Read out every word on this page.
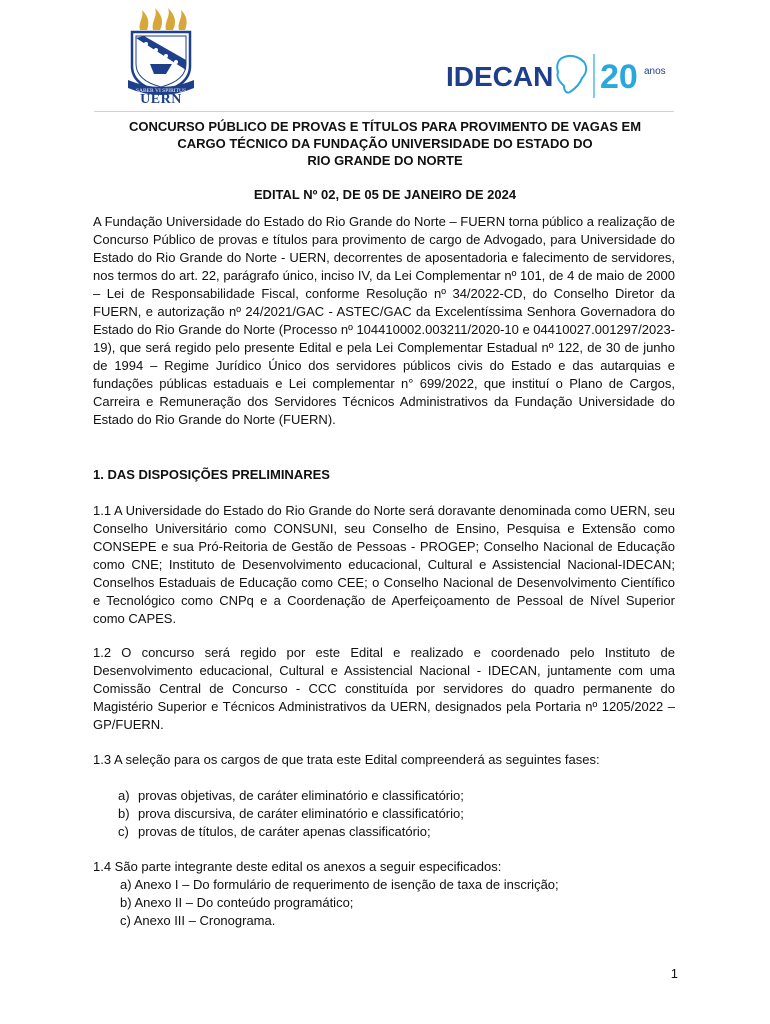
SABER VI SPIRITUS
UERN
IDECAN 20 anos
CONCURSO PÚBLICO DE PROVAS E TÍTULOS PARA PROVIMENTO DE VAGAS EM
CARGO TÉCNICO DA FUNDAÇÃO UNIVERSIDADE DO ESTADO DO
RIO GRANDE DO NORTE
EDITAL Nº 02, DE 05 DE JANEIRO DE 2024

A Fundação Universidade do Estado do Rio Grande do Norte – FUERN torna público a realização de Concurso Público de provas e títulos para provimento de cargo de Advogado, para Universidade do Estado do Rio Grande do Norte - UERN, decorrentes de aposentadoria e falecimento de servidores, nos termos do art. 22, parágrafo único, inciso IV, da Lei Complementar nº 101, de 4 de maio de 2000 – Lei de Responsabilidade Fiscal, conforme Resolução nº 34/2022-CD, do Conselho Diretor da FUERN, e autorização nº 24/2021/GAC - ASTEC/GAC da Excelentíssima Senhora Governadora do Estado do Rio Grande do Norte (Processo nº 104410002.003211/2020-10 e 04410027.001297/2023-19), que será regido pelo presente Edital e pela Lei Complementar Estadual nº 122, de 30 de junho de 1994 – Regime Jurídico Único dos servidores públicos civis do Estado e das autarquias e fundações públicas estaduais e Lei complementar n° 699/2022, que instituí o Plano de Cargos, Carreira e Remuneração dos Servidores Técnicos Administrativos da Fundação Universidade do Estado do Rio Grande do Norte (FUERN).

1. DAS DISPOSIÇÕES PRELIMINARES

1.1 A Universidade do Estado do Rio Grande do Norte será doravante denominada como UERN, seu Conselho Universitário como CONSUNI, seu Conselho de Ensino, Pesquisa e Extensão como CONSEPE e sua Pró-Reitoria de Gestão de Pessoas - PROGEP; Conselho Nacional de Educação como CNE; Instituto de Desenvolvimento educacional, Cultural e Assistencial Nacional-IDECAN; Conselhos Estaduais de Educação como CEE; o Conselho Nacional de Desenvolvimento Científico e Tecnológico como CNPq e a Coordenação de Aperfeiçoamento de Pessoal de Nível Superior como CAPES.

1.2 O concurso será regido por este Edital e realizado e coordenado pelo Instituto de Desenvolvimento educacional, Cultural e Assistencial Nacional - IDECAN, juntamente com uma Comissão Central de Concurso - CCC constituída por servidores do quadro permanente do Magistério Superior e Técnicos Administrativos da UERN, designados pela Portaria nº 1205/2022 – GP/FUERN.

1.3 A seleção para os cargos de que trata este Edital compreenderá as seguintes fases:

a) provas objetivas, de caráter eliminatório e classificatório;
b) prova discursiva, de caráter eliminatório e classificatório;
c) provas de títulos, de caráter apenas classificatório;

1.4 São parte integrante deste edital os anexos a seguir especificados:

a) Anexo I – Do formulário de requerimento de isenção de taxa de inscrição;
b) Anexo II – Do conteúdo programático;
c) Anexo III – Cronograma.
1
